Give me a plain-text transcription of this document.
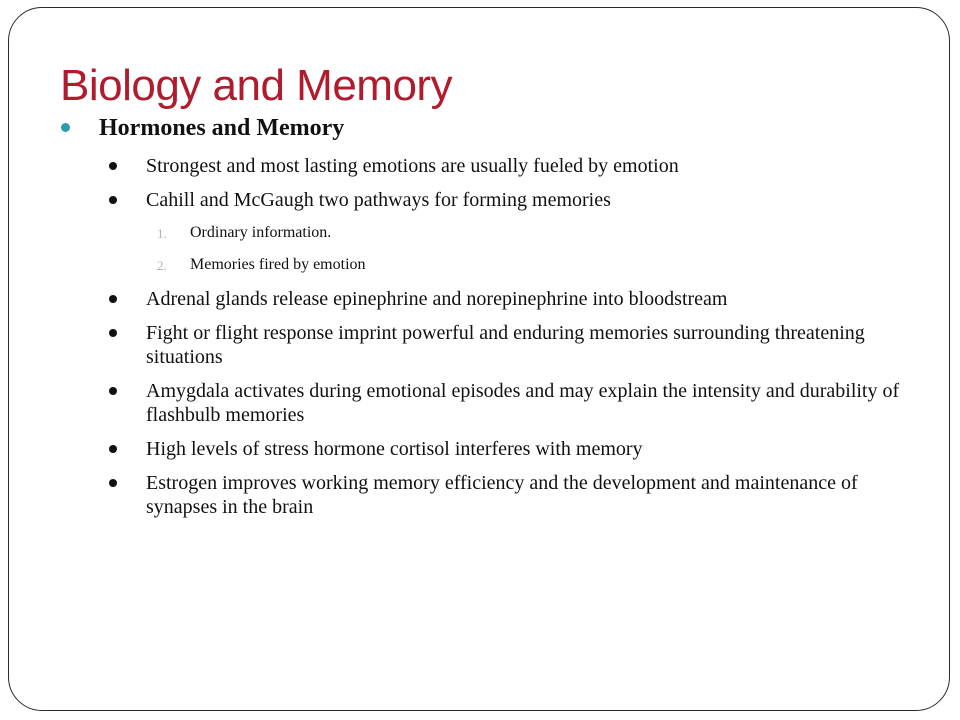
Biology and Memory
Hormones and Memory
Strongest and most lasting emotions are usually fueled by emotion
Cahill and McGaugh two pathways for forming memories
1. Ordinary information.
2. Memories fired by emotion
Adrenal glands release epinephrine and norepinephrine into bloodstream
Fight or flight response imprint powerful and enduring memories surrounding threatening situations
Amygdala activates during emotional episodes and may explain the intensity and durability of flashbulb memories
High levels of stress hormone cortisol interferes with memory
Estrogen improves working memory efficiency and the development and maintenance of synapses in the brain
